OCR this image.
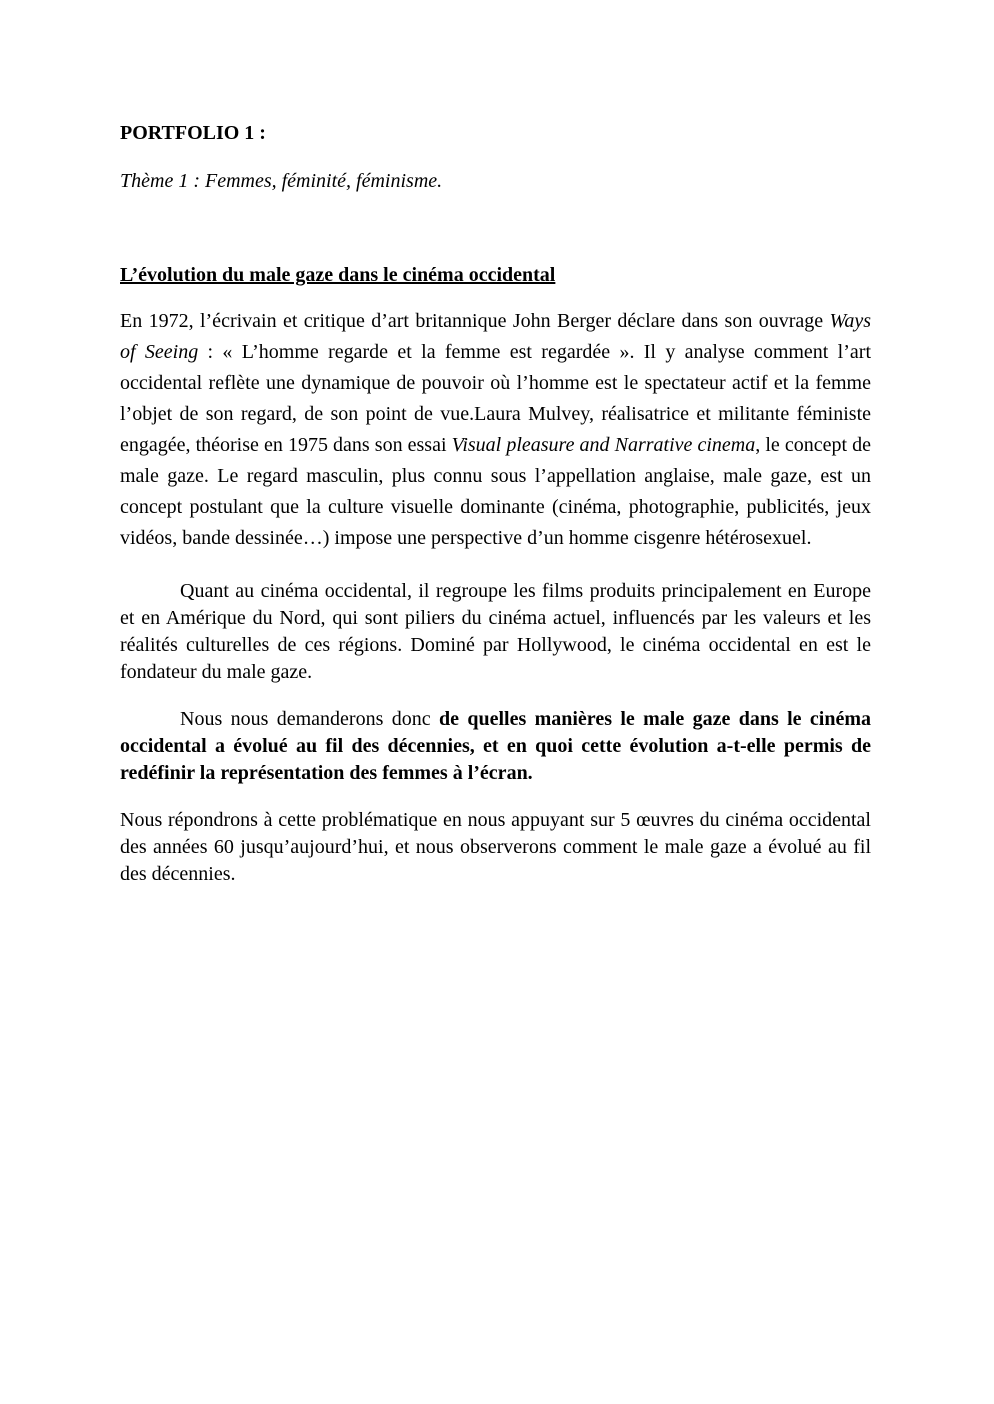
PORTFOLIO 1 :

Thème 1 : Femmes, féminité, féminisme.

L’évolution du male gaze dans le cinéma occidental

En 1972, l’écrivain et critique d’art britannique John Berger déclare dans son ouvrage Ways of Seeing : « L’homme regarde et la femme est regardée ». Il y analyse comment l’art occidental reflète une dynamique de pouvoir où l’homme est le spectateur actif et la femme l’objet de son regard, de son point de vue.Laura Mulvey, réalisatrice et militante féministe engagée, théorise en 1975 dans son essai Visual pleasure and Narrative cinema, le concept de male gaze. Le regard masculin, plus connu sous l’appellation anglaise, male gaze, est un concept postulant que la culture visuelle dominante (cinéma, photographie, publicités, jeux vidéos, bande dessinée…) impose une perspective d’un homme cisgenre hétérosexuel.

Quant au cinéma occidental, il regroupe les films produits principalement en Europe et en Amérique du Nord, qui sont piliers du cinéma actuel, influencés par les valeurs et les réalités culturelles de ces régions. Dominé par Hollywood, le cinéma occidental en est le fondateur du male gaze.

Nous nous demanderons donc de quelles manières le male gaze dans le cinéma occidental a évolué au fil des décennies, et en quoi cette évolution a-t-elle permis de redéfinir la représentation des femmes à l’écran.

Nous répondrons à cette problématique en nous appuyant sur 5 œuvres du cinéma occidental des années 60 jusqu’aujourd’hui, et nous observerons comment le male gaze a évolué au fil des décennies.
